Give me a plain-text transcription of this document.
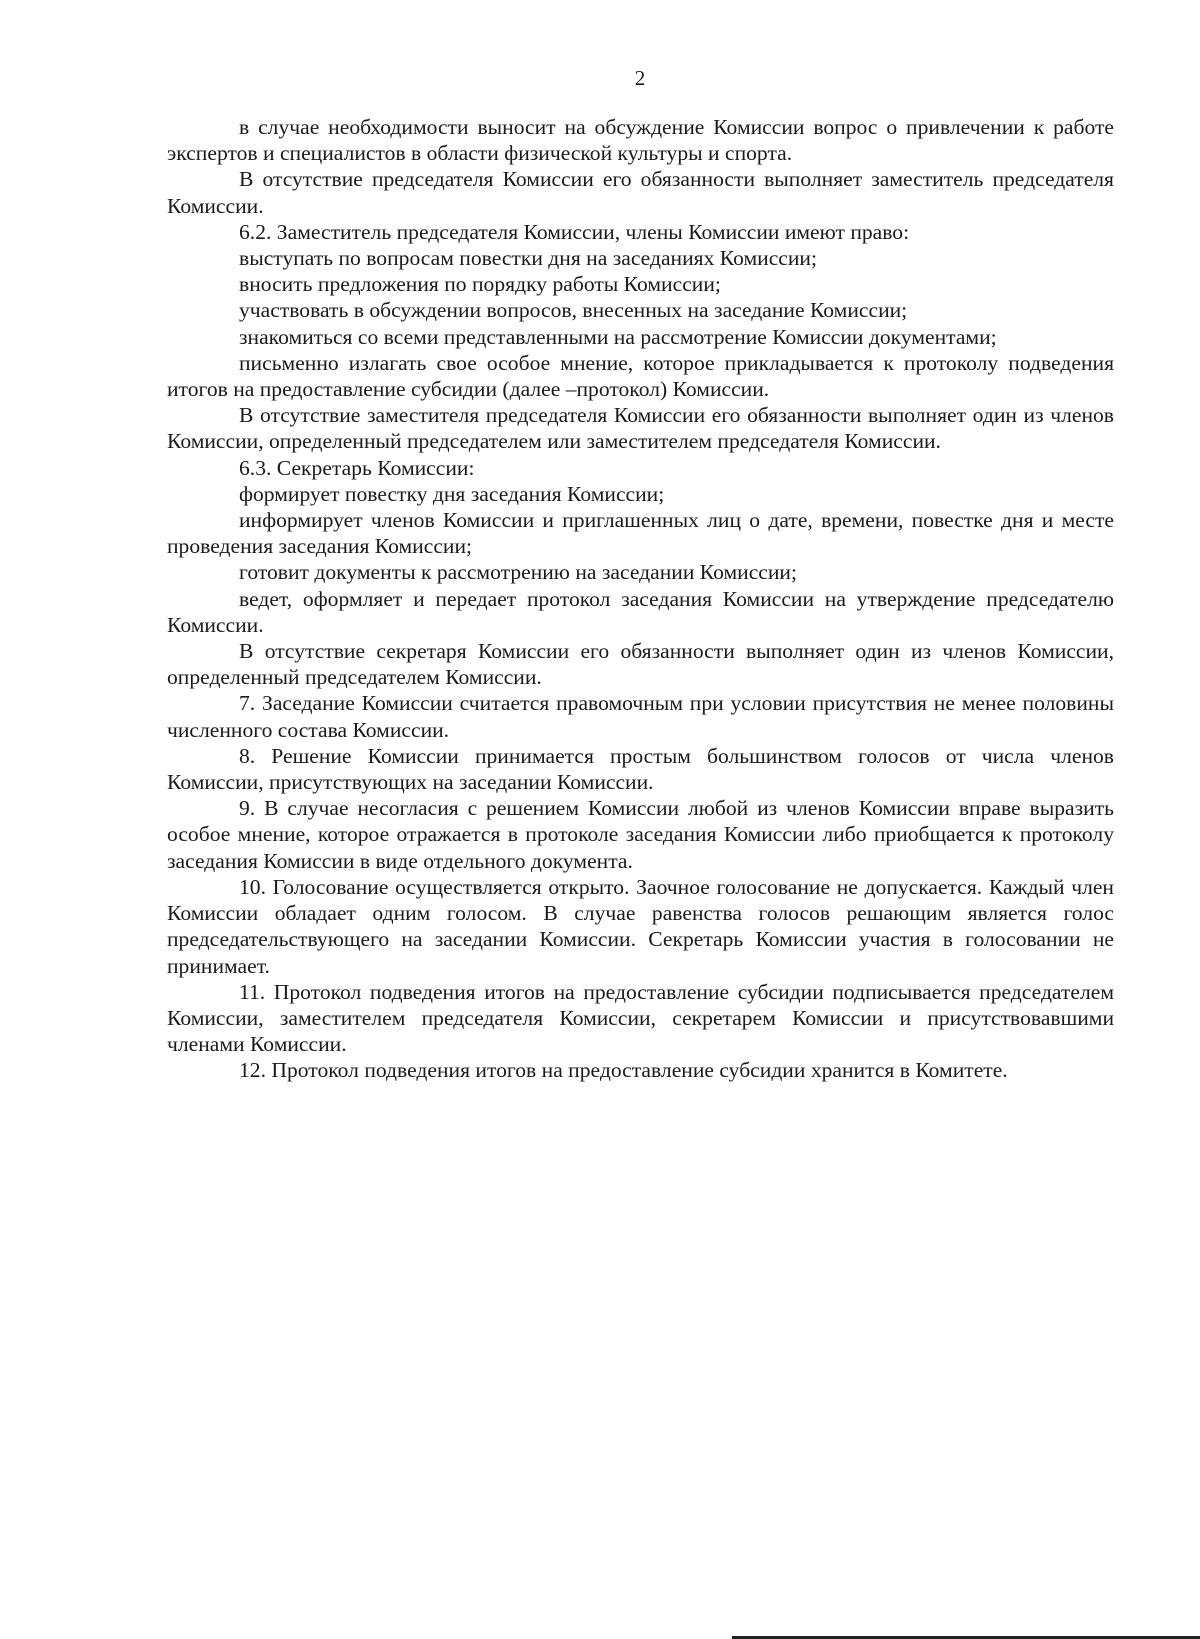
2

в случае необходимости выносит на обсуждение Комиссии вопрос о привлечении к работе экспертов и специалистов в области физической культуры и спорта.

В отсутствие председателя Комиссии его обязанности выполняет заместитель председателя Комиссии.

6.2. Заместитель председателя Комиссии, члены Комиссии имеют право:

выступать по вопросам повестки дня на заседаниях Комиссии;

вносить предложения по порядку работы Комиссии;

участвовать в обсуждении вопросов, внесенных на заседание Комиссии;

знакомиться со всеми представленными на рассмотрение Комиссии документами;

письменно излагать свое особое мнение, которое прикладывается к протоколу подведения итогов на предоставление субсидии (далее –протокол) Комиссии.

В отсутствие заместителя председателя Комиссии его обязанности выполняет один из членов Комиссии, определенный председателем или заместителем председателя Комиссии.

6.3. Секретарь Комиссии:

формирует повестку дня заседания Комиссии;

информирует членов Комиссии и приглашенных лиц о дате, времени, повестке дня и месте проведения заседания Комиссии;

готовит документы к рассмотрению на заседании Комиссии;

ведет, оформляет и передает протокол заседания Комиссии на утверждение председателю Комиссии.

В отсутствие секретаря Комиссии его обязанности выполняет один из членов Комиссии, определенный председателем Комиссии.

7. Заседание Комиссии считается правомочным при условии присутствия не менее половины численного состава Комиссии.

8. Решение Комиссии принимается простым большинством голосов от числа членов Комиссии, присутствующих на заседании Комиссии.

9. В случае несогласия с решением Комиссии любой из членов Комиссии вправе выразить особое мнение, которое отражается в протоколе заседания Комиссии либо приобщается к протоколу заседания Комиссии в виде отдельного документа.

10. Голосование осуществляется открыто. Заочное голосование не допускается. Каждый член Комиссии обладает одним голосом. В случае равенства голосов решающим является голос председательствующего на заседании Комиссии. Секретарь Комиссии участия в голосовании не принимает.

11. Протокол подведения итогов на предоставление субсидии подписывается председателем Комиссии, заместителем председателя Комиссии, секретарем Комиссии и присутствовавшими членами Комиссии.

12. Протокол подведения итогов на предоставление субсидии хранится в Комитете.
